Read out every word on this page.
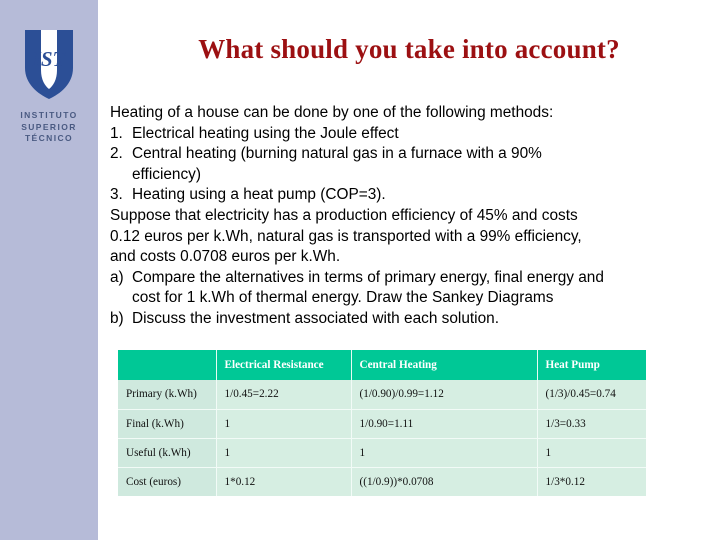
IST
INSTITUTO
SUPERIOR
TÉCNICO
What should you take into account?
Heating of a house can be done by one of the following methods:
1. Electrical heating using the Joule effect
2. Central heating (burning natural gas in a furnace with a 90%
efficiency)
3. Heating using a heat pump (COP=3).
Suppose that electricity has a production efficiency of 45% and costs
0.12 euros per k.Wh, natural gas is transported with a 99% efficiency,
and costs 0.0708 euros per k.Wh.
a) Compare the alternatives in terms of primary energy, final energy and
cost for 1 k.Wh of thermal energy. Draw the Sankey Diagrams
b) Discuss the investment associated with each solution.
	Electrical Resistance	Central Heating	Heat Pump
Primary (k.Wh)	1/0.45=2.22	(1/0.90)/0.99=1.12	(1/3)/0.45=0.74
Final (k.Wh)	1	1/0.90=1.11	1/3=0.33
Useful (k.Wh)	1	1	1
Cost (euros)	1*0.12	((1/0.9))*0.0708	1/3*0.12
